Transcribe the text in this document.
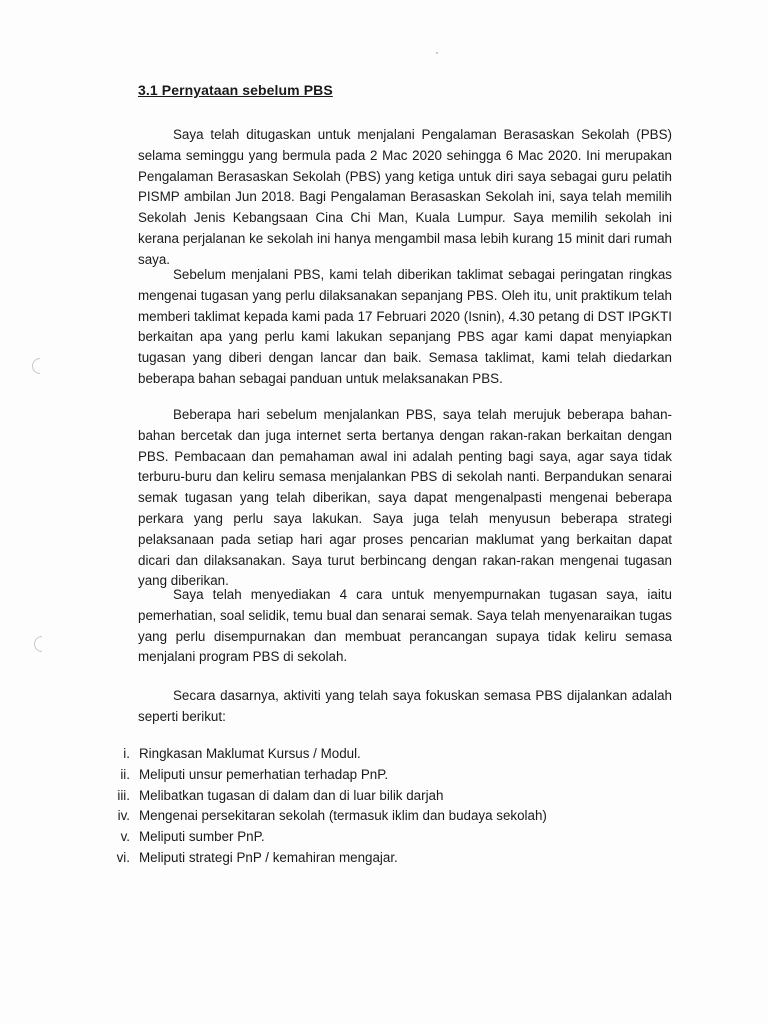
3.1 Pernyataan sebelum PBS

Saya telah ditugaskan untuk menjalani Pengalaman Berasaskan Sekolah (PBS) selama seminggu yang bermula pada 2 Mac 2020 sehingga 6 Mac 2020. Ini merupakan Pengalaman Berasaskan Sekolah (PBS) yang ketiga untuk diri saya sebagai guru pelatih PISMP ambilan Jun 2018. Bagi Pengalaman Berasaskan Sekolah ini, saya telah memilih Sekolah Jenis Kebangsaan Cina Chi Man, Kuala Lumpur. Saya memilih sekolah ini kerana perjalanan ke sekolah ini hanya mengambil masa lebih kurang 15 minit dari rumah saya.

Sebelum menjalani PBS, kami telah diberikan taklimat sebagai peringatan ringkas mengenai tugasan yang perlu dilaksanakan sepanjang PBS. Oleh itu, unit praktikum telah memberi taklimat kepada kami pada 17 Februari 2020 (Isnin), 4.30 petang di DST IPGKTI berkaitan apa yang perlu kami lakukan sepanjang PBS agar kami dapat menyiapkan tugasan yang diberi dengan lancar dan baik. Semasa taklimat, kami telah diedarkan beberapa bahan sebagai panduan untuk melaksanakan PBS.

Beberapa hari sebelum menjalankan PBS, saya telah merujuk beberapa bahan-bahan bercetak dan juga internet serta bertanya dengan rakan-rakan berkaitan dengan PBS. Pembacaan dan pemahaman awal ini adalah penting bagi saya, agar saya tidak terburu-buru dan keliru semasa menjalankan PBS di sekolah nanti. Berpandukan senarai semak tugasan yang telah diberikan, saya dapat mengenalpasti mengenai beberapa perkara yang perlu saya lakukan. Saya juga telah menyusun beberapa strategi pelaksanaan pada setiap hari agar proses pencarian maklumat yang berkaitan dapat dicari dan dilaksanakan. Saya turut berbincang dengan rakan-rakan mengenai tugasan yang diberikan.

Saya telah menyediakan 4 cara untuk menyempurnakan tugasan saya, iaitu pemerhatian, soal selidik, temu bual dan senarai semak. Saya telah menyenaraikan tugas yang perlu disempurnakan dan membuat perancangan supaya tidak keliru semasa menjalani program PBS di sekolah.

Secara dasarnya, aktiviti yang telah saya fokuskan semasa PBS dijalankan adalah seperti berikut:

i. Ringkasan Maklumat Kursus / Modul.
ii. Meliputi unsur pemerhatian terhadap PnP.
iii. Melibatkan tugasan di dalam dan di luar bilik darjah
iv. Mengenai persekitaran sekolah (termasuk iklim dan budaya sekolah)
v. Meliputi sumber PnP.
vi. Meliputi strategi PnP / kemahiran mengajar.
